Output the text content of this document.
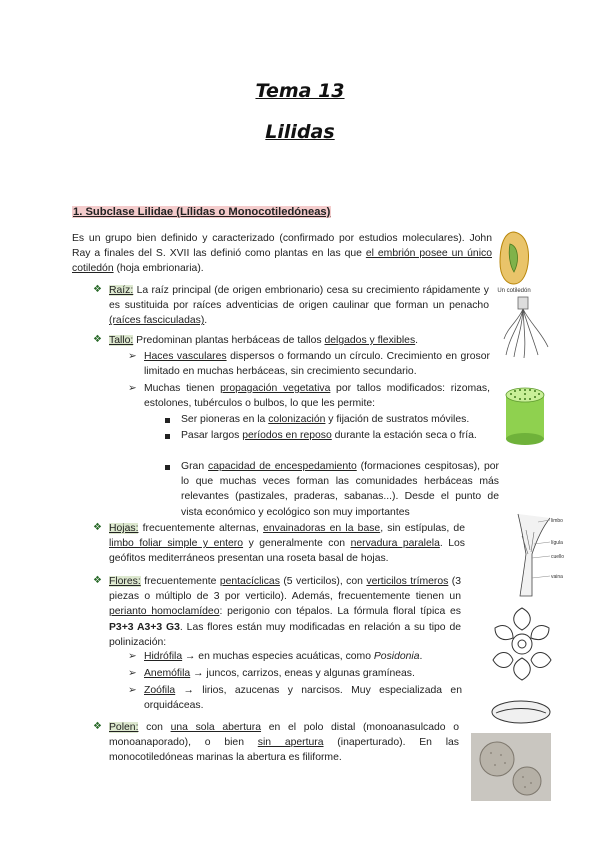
Tema 13
Lilidas
1. Subclase Lilidae (Lílidas o Monocotiledóneas)

Es un grupo bien definido y caracterizado (confirmado por estudios moleculares). John Ray a finales del S. XVII las definió como plantas en las que el embrión posee un único cotiledón (hoja embrionaria).

❖ Raíz: La raíz principal (de origen embrionario) cesa su crecimiento rápidamente y es sustituida por raíces adventicias de origen caulinar que forman un penacho (raíces fasciculadas).

❖ Tallo: Predominan plantas herbáceas de tallos delgados y flexibles.

➢ Haces vasculares dispersos o formando un círculo. Crecimiento en grosor limitado en muchas herbáceas, sin crecimiento secundario.

➢ Muchas tienen propagación vegetativa por tallos modificados: rizomas, estolones, tubérculos o bulbos, lo que les permite:

Ser pioneras en la colonización y fijación de sustratos móviles.

Pasar largos períodos en reposo durante la estación seca o fría.

Gran capacidad de encespedamiento (formaciones cespitosas), por lo que muchas veces forman las comunidades herbáceas más relevantes (pastizales, praderas, sabanas...). Desde el punto de vista económico y ecológico son muy importantes

❖ Hojas: frecuentemente alternas, envainadoras en la base, sin estípulas, de limbo foliar simple y entero y generalmente con nervadura paralela. Los geófitos mediterráneos presentan una roseta basal de hojas.

❖ Flores: frecuentemente pentacíclicas (5 verticilos), con verticilos trímeros (3 piezas o múltiplo de 3 por verticilo). Además, frecuentemente tienen un perianto homoclamídeo: perigonio con tépalos. La fórmula floral típica es P3+3 A3+3 G3. Las flores están muy modificadas en relación a su tipo de polinización:

➢ Hidrófila → en muchas especies acuáticas, como Posidonia.

➢ Anemófila → juncos, carrizos, eneas y algunas gramíneas.

➢ Zoófila → lirios, azucenas y narcisos. Muy especializada en orquidáceas.

❖ Polen: con una sola abertura en el polo distal (monoanasulcado o monoanaporado), o bien sin apertura (inaperturado). En las monocotiledóneas marinas la abertura es filiforme.

Un cotiledón
limbo
lígula
cuello
vaina
